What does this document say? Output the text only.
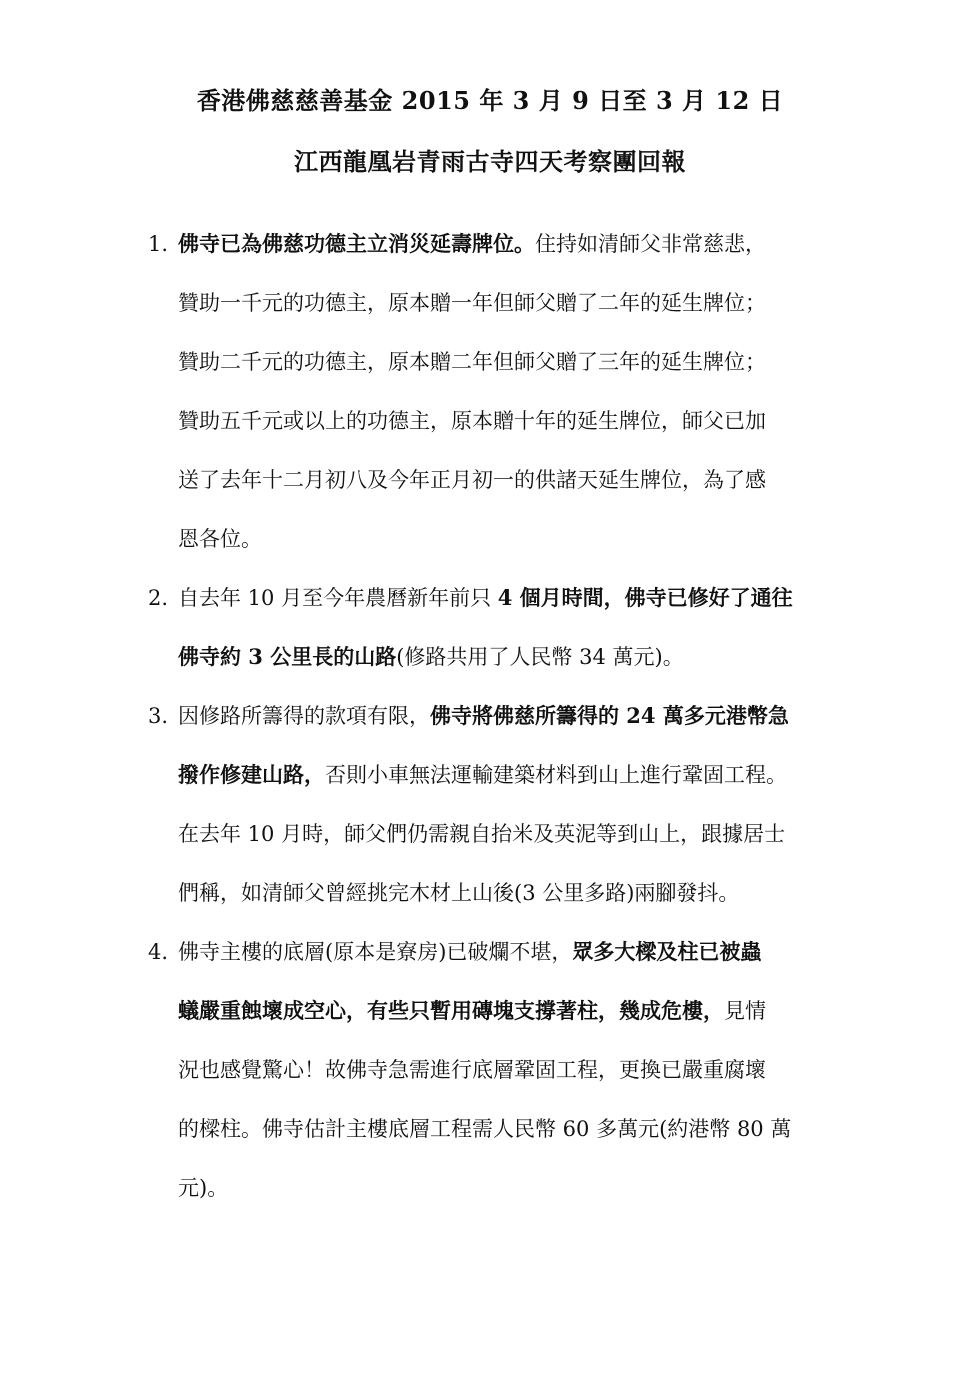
香港佛慈慈善基金 2015 年 3 月 9 日至 3 月 12 日
江西龍凰岩青雨古寺四天考察團回報
1. 佛寺已為佛慈功德主立消災延壽牌位。住持如清師父非常慈悲，
贊助一千元的功德主，原本贈一年但師父贈了二年的延生牌位；
贊助二千元的功德主，原本贈二年但師父贈了三年的延生牌位；
贊助五千元或以上的功德主，原本贈十年的延生牌位，師父已加
送了去年十二月初八及今年正月初一的供諸天延生牌位，為了感
恩各位。
2. 自去年 10 月至今年農曆新年前只 4 個月時間，佛寺已修好了通往
佛寺約 3 公里長的山路(修路共用了人民幣 34 萬元)。
3. 因修路所籌得的款項有限，佛寺將佛慈所籌得的 24 萬多元港幣急
撥作修建山路，否則小車無法運輸建築材料到山上進行鞏固工程。
在去年 10 月時，師父們仍需親自抬米及英泥等到山上，跟據居士
們稱，如清師父曾經挑完木材上山後(3 公里多路)兩腳發抖。
4. 佛寺主樓的底層(原本是寮房)已破爛不堪，眾多大樑及柱已被蟲
蟻嚴重蝕壞成空心，有些只暫用磚塊支撐著柱，幾成危樓，見情
況也感覺驚心！故佛寺急需進行底層鞏固工程，更換已嚴重腐壞
的樑柱。佛寺估計主樓底層工程需人民幣 60 多萬元(約港幣 80 萬
元)。
